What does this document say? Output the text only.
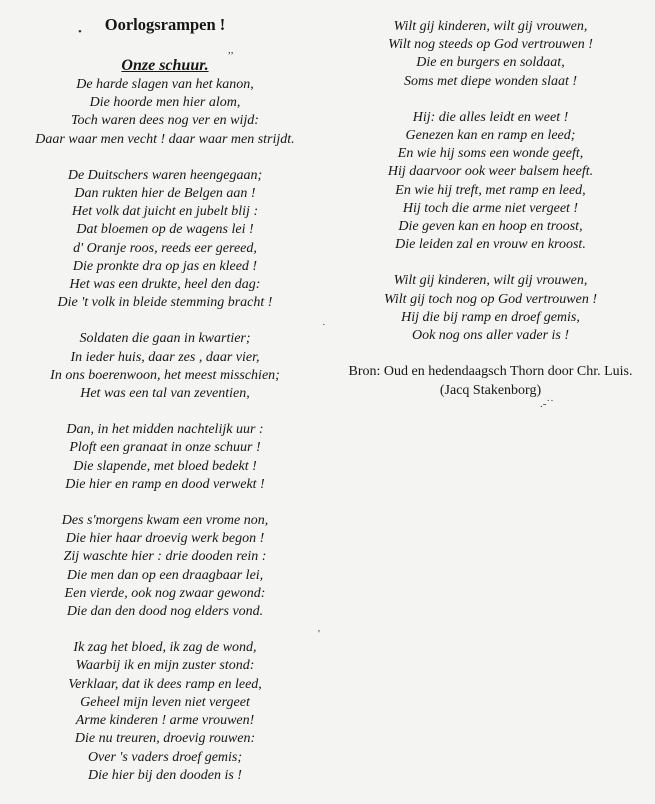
Oorlogsrampen !
Onze schuur.
De harde slagen van het kanon,
Die hoorde men hier alom,
Toch waren dees nog ver en wijd:
Daar waar men vecht ! daar waar men strijdt.
De Duitschers waren heengegaan;
Dan rukten hier de Belgen aan !
Het volk dat juicht en jubelt blij :
Dat bloemen op de wagens lei !
d' Oranje roos, reeds eer gereed,
Die pronkte dra op jas en kleed !
Het was een drukte, heel den dag:
Die 't volk in bleide stemming bracht !
Soldaten die gaan in kwartier;
In ieder huis, daar zes , daar vier,
In ons boerenwoon, het meest misschien;
Het was een tal van zeventien,
Dan, in het midden nachtelijk uur :
Ploft een granaat in onze schuur !
Die slapende, met bloed bedekt !
Die hier en ramp en dood verwekt !
Des s'morgens kwam een vrome non,
Die hier haar droevig werk begon !
Zij waschte hier : drie dooden rein :
Die men dan op een draagbaar lei,
Een vierde, ook nog zwaar gewond:
Die dan den dood nog elders vond.
Ik zag het bloed, ik zag de wond,
Waarbij ik en mijn zuster stond:
Verklaar, dat ik dees ramp en leed,
Geheel mijn leven niet vergeet
Arme kinderen ! arme vrouwen!
Die nu treuren, droevig rouwen:
Over 's vaders droef gemis;
Die hier bij den dooden is !
Wilt gij kinderen, wilt gij vrouwen,
Wilt nog steeds op God vertrouwen !
Die en burgers en soldaat,
Soms met diepe wonden slaat !
Hij: die alles leidt en weet !
Genezen kan en ramp en leed;
En wie hij soms een wonde geeft,
Hij daarvoor ook weer balsem heeft.
En wie hij treft, met ramp en leed,
Hij toch die arme niet vergeet !
Die geven kan en hoop en troost,
Die leiden zal en vrouw en kroost.
Wilt gij kinderen, wilt gij vrouwen,
Wilt gij toch nog op God vertrouwen !
Hij die bij ramp en droef gemis,
Ook nog ons aller vader is !
Bron: Oud en hedendaagsch Thorn door Chr. Luis.
(Jacq Stakenborg)
•
,,
˙
.-˙˙
'
